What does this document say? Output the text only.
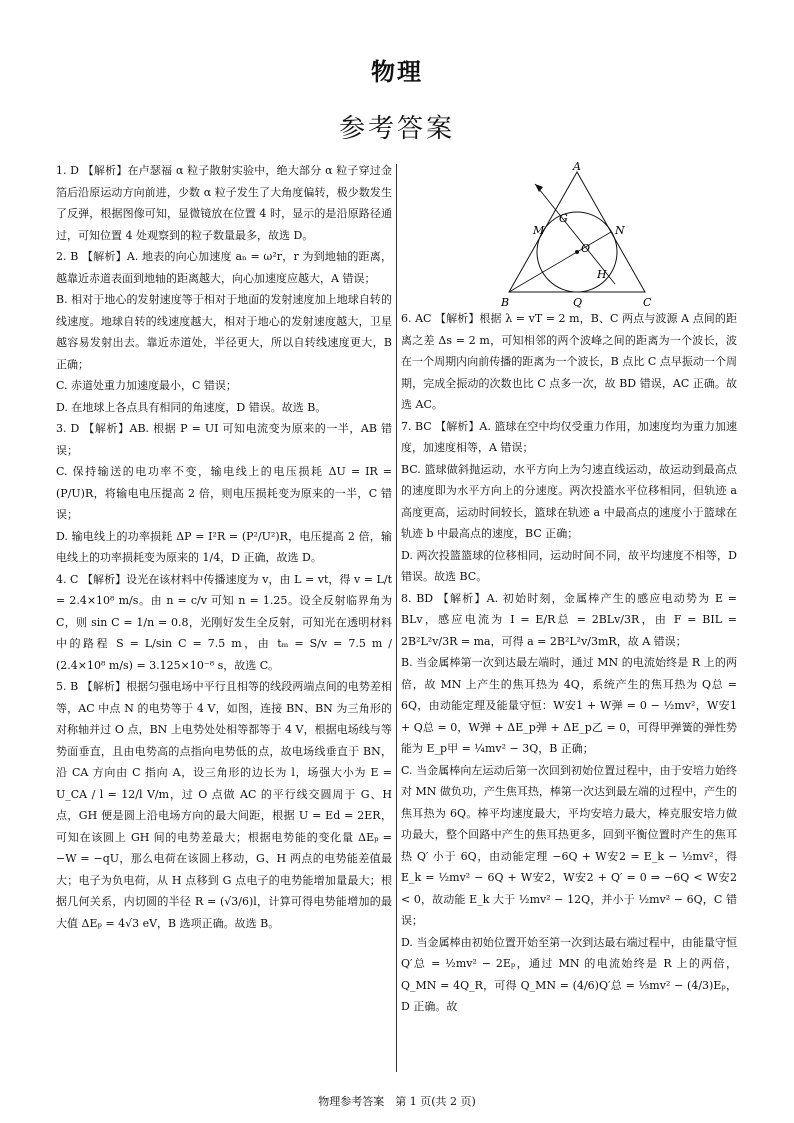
物理
参考答案

1. D 【解析】在卢瑟福 α 粒子散射实验中，绝大部分 α 粒子穿过金箔后沿原运动方向前进，少数 α 粒子发生了大角度偏转，极少数发生了反弹，根据图像可知，显微镜放在位置 4 时，显示的是沿原路径通过，可知位置 4 处观察到的粒子数量最多，故选 D。

2. B 【解析】A. 地表的向心加速度 aₙ = ω²r，r 为到地轴的距离，越靠近赤道表面到地轴的距离越大，向心加速度应越大，A 错误；

B. 相对于地心的发射速度等于相对于地面的发射速度加上地球自转的线速度。地球自转的线速度越大，相对于地心的发射速度越大，卫星越容易发射出去。靠近赤道处，半径更大，所以自转线速度更大，B 正确；

C. 赤道处重力加速度最小，C 错误；

D. 在地球上各点具有相同的角速度，D 错误。故选 B。

3. D 【解析】AB. 根据 P = UI 可知电流变为原来的一半，AB 错误；

C. 保持输送的电功率不变，输电线上的电压损耗 ΔU = IR = (P/U)R，将输电电压提高 2 倍，则电压损耗变为原来的一半，C 错误；

D. 输电线上的功率损耗 ΔP = I²R = (P²/U²)R，电压提高 2 倍，输电线上的功率损耗变为原来的 1/4，D 正确，故选 D。

4. C 【解析】设光在该材料中传播速度为 v，由 L = vt，得 v = L/t = 2.4×10⁸ m/s。由 n = c/v 可知 n = 1.25。设全反射临界角为 C，则 sin C = 1/n = 0.8，光刚好发生全反射，可知光在透明材料中的路程 S = L/sin C = 7.5 m，由 tₘ = S/v = 7.5 m / (2.4×10⁸ m/s) = 3.125×10⁻⁸ s，故选 C。

5. B 【解析】根据匀强电场中平行且相等的线段两端点间的电势差相等，AC 中点 N 的电势等于 4 V，如图，连接 BN、BN 为三角形的对称轴并过 O 点，BN 上电势处处相等都等于 4 V，根据电场线与等势面垂直，且由电势高的点指向电势低的点，故电场线垂直于 BN，沿 CA 方向由 C 指向 A，设三角形的边长为 l，场强大小为 E = U_CA / l = 12/l V/m，过 O 点做 AC 的平行线交圆周于 G、H 点，GH 便是圆上沿电场方向的最大间距，根据 U = Ed = 2ER，可知在该圆上 GH 间的电势差最大；根据电势能的变化量 ΔEₚ = −W = −qU，那么电荷在该圆上移动，G、H 两点的电势能差值最大；电子为负电荷，从 H 点移到 G 点电子的电势能增加量最大；根据几何关系，内切圆的半径 R = (√3/6)l，计算可得电势能增加的最大值 ΔEₚ = 4√3 eV，B 选项正确。故选 B。

A
B	C
G
N
M
O
H
Q

6. AC 【解析】根据 λ = vT = 2 m，B、C 两点与波源 A 点间的距离之差 Δs = 2 m，可知相邻的两个波峰之间的距离为一个波长，波在一个周期内向前传播的距离为一个波长，B 点比 C 点早振动一个周期，完成全振动的次数也比 C 点多一次，故 BD 错误，AC 正确。故选 AC。

7. BC 【解析】A. 篮球在空中均仅受重力作用，加速度均为重力加速度，加速度相等，A 错误；

BC. 篮球做斜抛运动，水平方向上为匀速直线运动，故运动到最高点的速度即为水平方向上的分速度。两次投篮水平位移相同，但轨迹 a 高度更高，运动时间较长，篮球在轨迹 a 中最高点的速度小于篮球在轨迹 b 中最高点的速度，BC 正确；

D. 两次投篮篮球的位移相同，运动时间不同，故平均速度不相等，D 错误。故选 BC。

8. BD 【解析】A. 初始时刻，金属棒产生的感应电动势为 E = BLv，感应电流为 I = E/R总 = 2BLv/3R，由 F = BIL = 2B²L²v/3R = ma，可得 a = 2B²L²v/3mR，故 A 错误；

B. 当金属棒第一次到达最左端时，通过 MN 的电流始终是 R 上的两倍，故 MN 上产生的焦耳热为 4Q，系统产生的焦耳热为 Q总 = 6Q，由动能定理及能量守恒：W安1 + W弹 = 0 − ½mv²，W安1 + Q总 = 0，W弹 + ΔE_p弹 + ΔE_p乙 = 0，可得甲弹簧的弹性势能为 E_p甲 = ¼mv² − 3Q，B 正确；

C. 当金属棒向左运动后第一次回到初始位置过程中，由于安培力始终对 MN 做负功，产生焦耳热，棒第一次达到最左端的过程中，产生的焦耳热为 6Q。棒平均速度最大，平均安培力最大，棒克服安培力做功最大，整个回路中产生的焦耳热更多，回到平衡位置时产生的焦耳热 Q′ 小于 6Q，由动能定理 −6Q + W安2 = E_k − ½mv²，得 E_k = ½mv² − 6Q + W安2，W安2 + Q′ = 0 ⇒ −6Q < W安2 < 0，故动能 E_k 大于 ½mv² − 12Q，并小于 ½mv² − 6Q，C 错误；

D. 当金属棒由初始位置开始至第一次到达最右端过程中，由能量守恒 Q′总 = ½mv² − 2Eₚ，通过 MN 的电流始终是 R 上的两倍，Q_MN = 4Q_R，可得 Q_MN = (4/6)Q′总 = ⅓mv² − (4/3)Eₚ，D 正确。故

物理参考答案　第 1 页(共 2 页)
